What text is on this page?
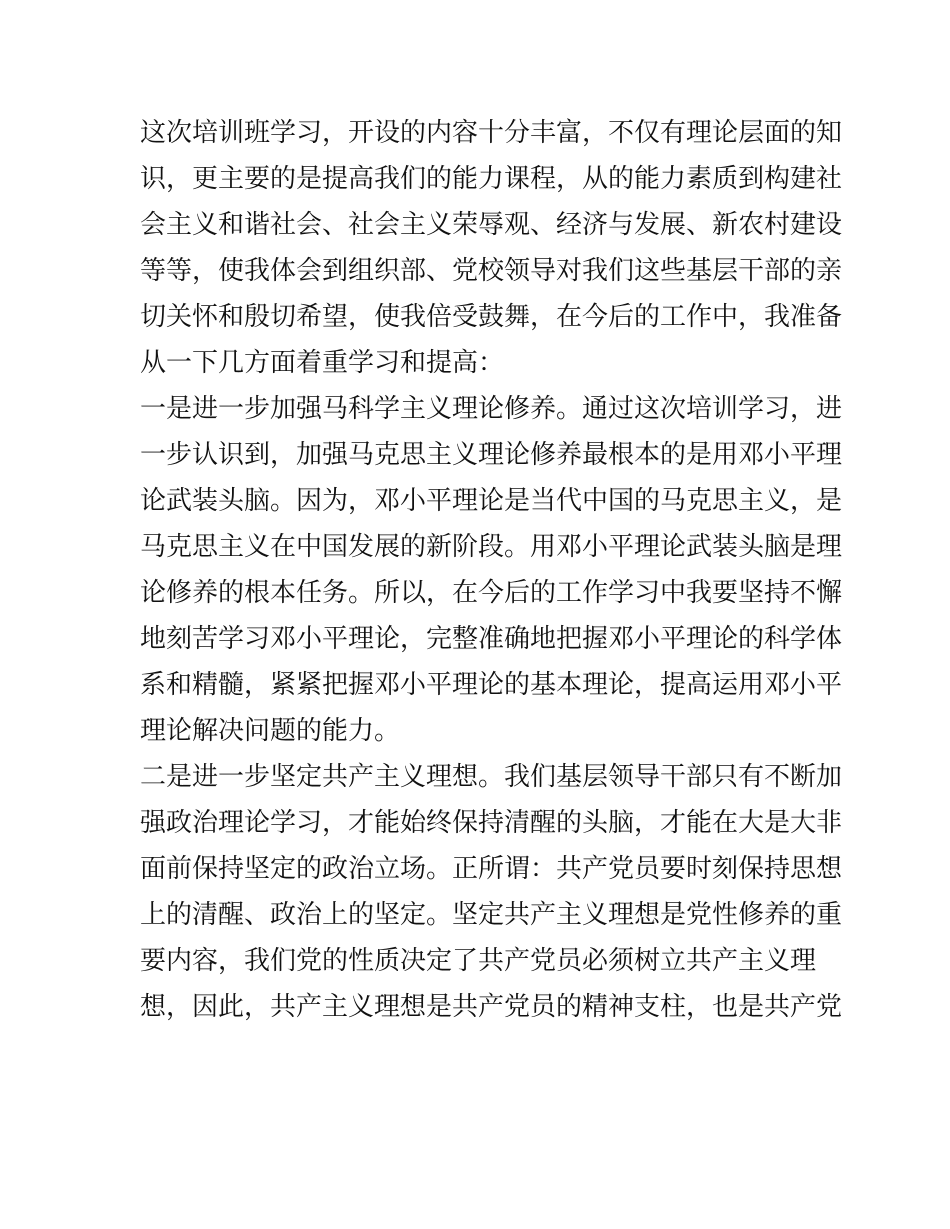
这次培训班学习，开设的内容十分丰富，不仅有理论层面的知
识，更主要的是提高我们的能力课程，从的能力素质到构建社
会主义和谐社会、社会主义荣辱观、经济与发展、新农村建设
等等，使我体会到组织部、党校领导对我们这些基层干部的亲
切关怀和殷切希望，使我倍受鼓舞，在今后的工作中，我准备
从一下几方面着重学习和提高：
一是进一步加强马科学主义理论修养。通过这次培训学习，进
一步认识到，加强马克思主义理论修养最根本的是用邓小平理
论武装头脑。因为，邓小平理论是当代中国的马克思主义，是
马克思主义在中国发展的新阶段。用邓小平理论武装头脑是理
论修养的根本任务。所以，在今后的工作学习中我要坚持不懈
地刻苦学习邓小平理论，完整准确地把握邓小平理论的科学体
系和精髓，紧紧把握邓小平理论的基本理论，提高运用邓小平
理论解决问题的能力。
二是进一步坚定共产主义理想。我们基层领导干部只有不断加
强政治理论学习，才能始终保持清醒的头脑，才能在大是大非
面前保持坚定的政治立场。正所谓：共产党员要时刻保持思想
上的清醒、政治上的坚定。坚定共产主义理想是党性修养的重
要内容，我们党的性质决定了共产党员必须树立共产主义理
想，因此，共产主义理想是共产党员的精神支柱，也是共产党
